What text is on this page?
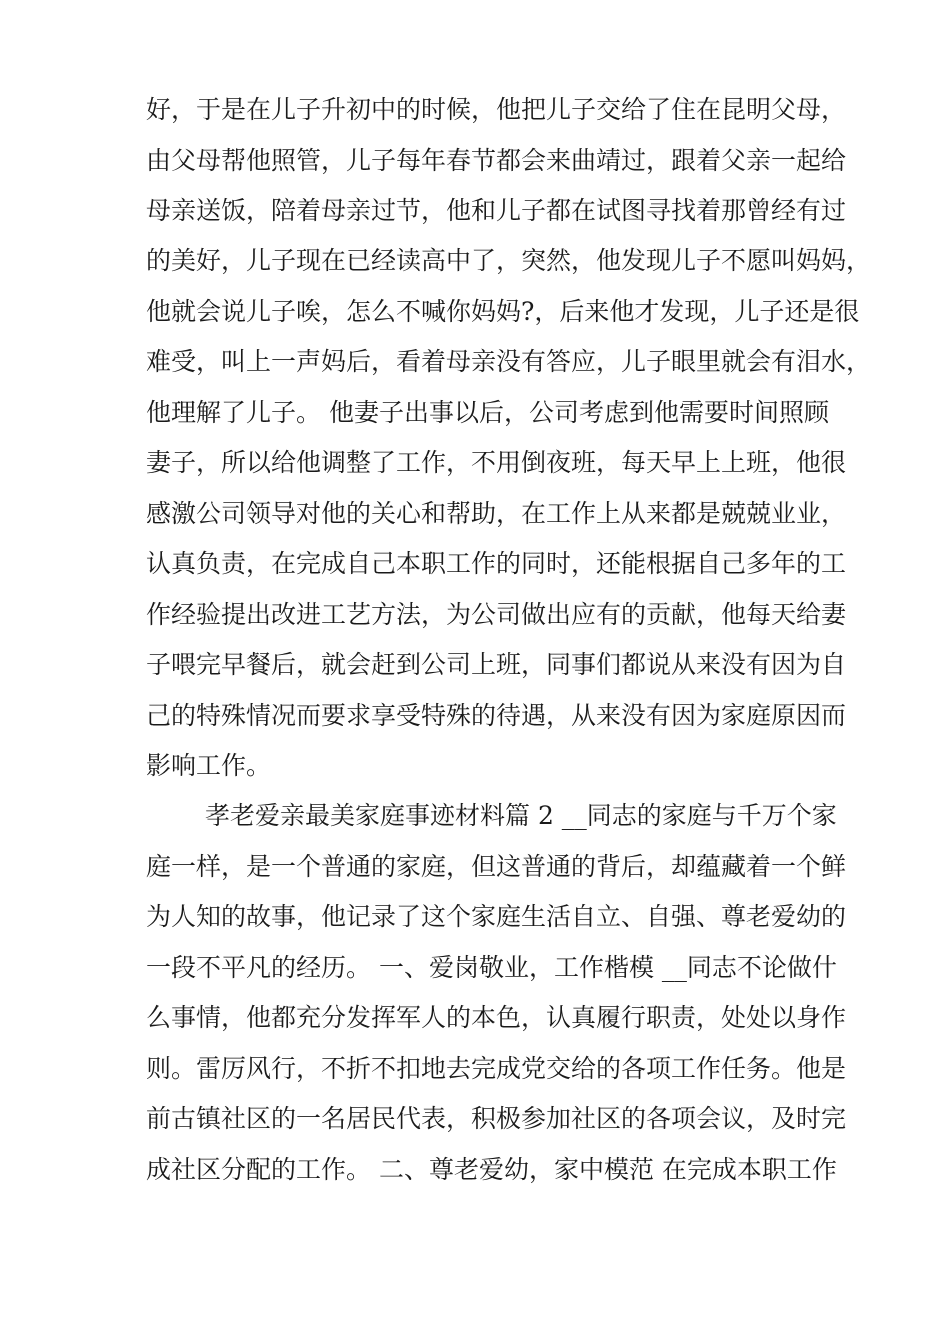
好，于是在儿子升初中的时候，他把儿子交给了住在昆明父母，
由父母帮他照管，儿子每年春节都会来曲靖过，跟着父亲一起给
母亲送饭，陪着母亲过节，他和儿子都在试图寻找着那曾经有过
的美好，儿子现在已经读高中了，突然，他发现儿子不愿叫妈妈，
他就会说儿子唉，怎么不喊你妈妈?，后来他才发现，儿子还是很
难受，叫上一声妈后，看着母亲没有答应，儿子眼里就会有泪水，
他理解了儿子。 他妻子出事以后，公司考虑到他需要时间照顾
妻子，所以给他调整了工作，不用倒夜班，每天早上上班，他很
感激公司领导对他的关心和帮助，在工作上从来都是兢兢业业，
认真负责，在完成自己本职工作的同时，还能根据自己多年的工
作经验提出改进工艺方法，为公司做出应有的贡献，他每天给妻
子喂完早餐后，就会赶到公司上班，同事们都说从来没有因为自
己的特殊情况而要求享受特殊的待遇，从来没有因为家庭原因而
影响工作。
孝老爱亲最美家庭事迹材料篇 2 __同志的家庭与千万个家
庭一样，是一个普通的家庭，但这普通的背后，却蕴藏着一个鲜
为人知的故事，他记录了这个家庭生活自立、自强、尊老爱幼的
一段不平凡的经历。 一、爱岗敬业，工作楷模 __同志不论做什
么事情，他都充分发挥军人的本色，认真履行职责，处处以身作
则。雷厉风行，不折不扣地去完成党交给的各项工作任务。他是
前古镇社区的一名居民代表，积极参加社区的各项会议，及时完
成社区分配的工作。 二、尊老爱幼，家中模范 在完成本职工作
